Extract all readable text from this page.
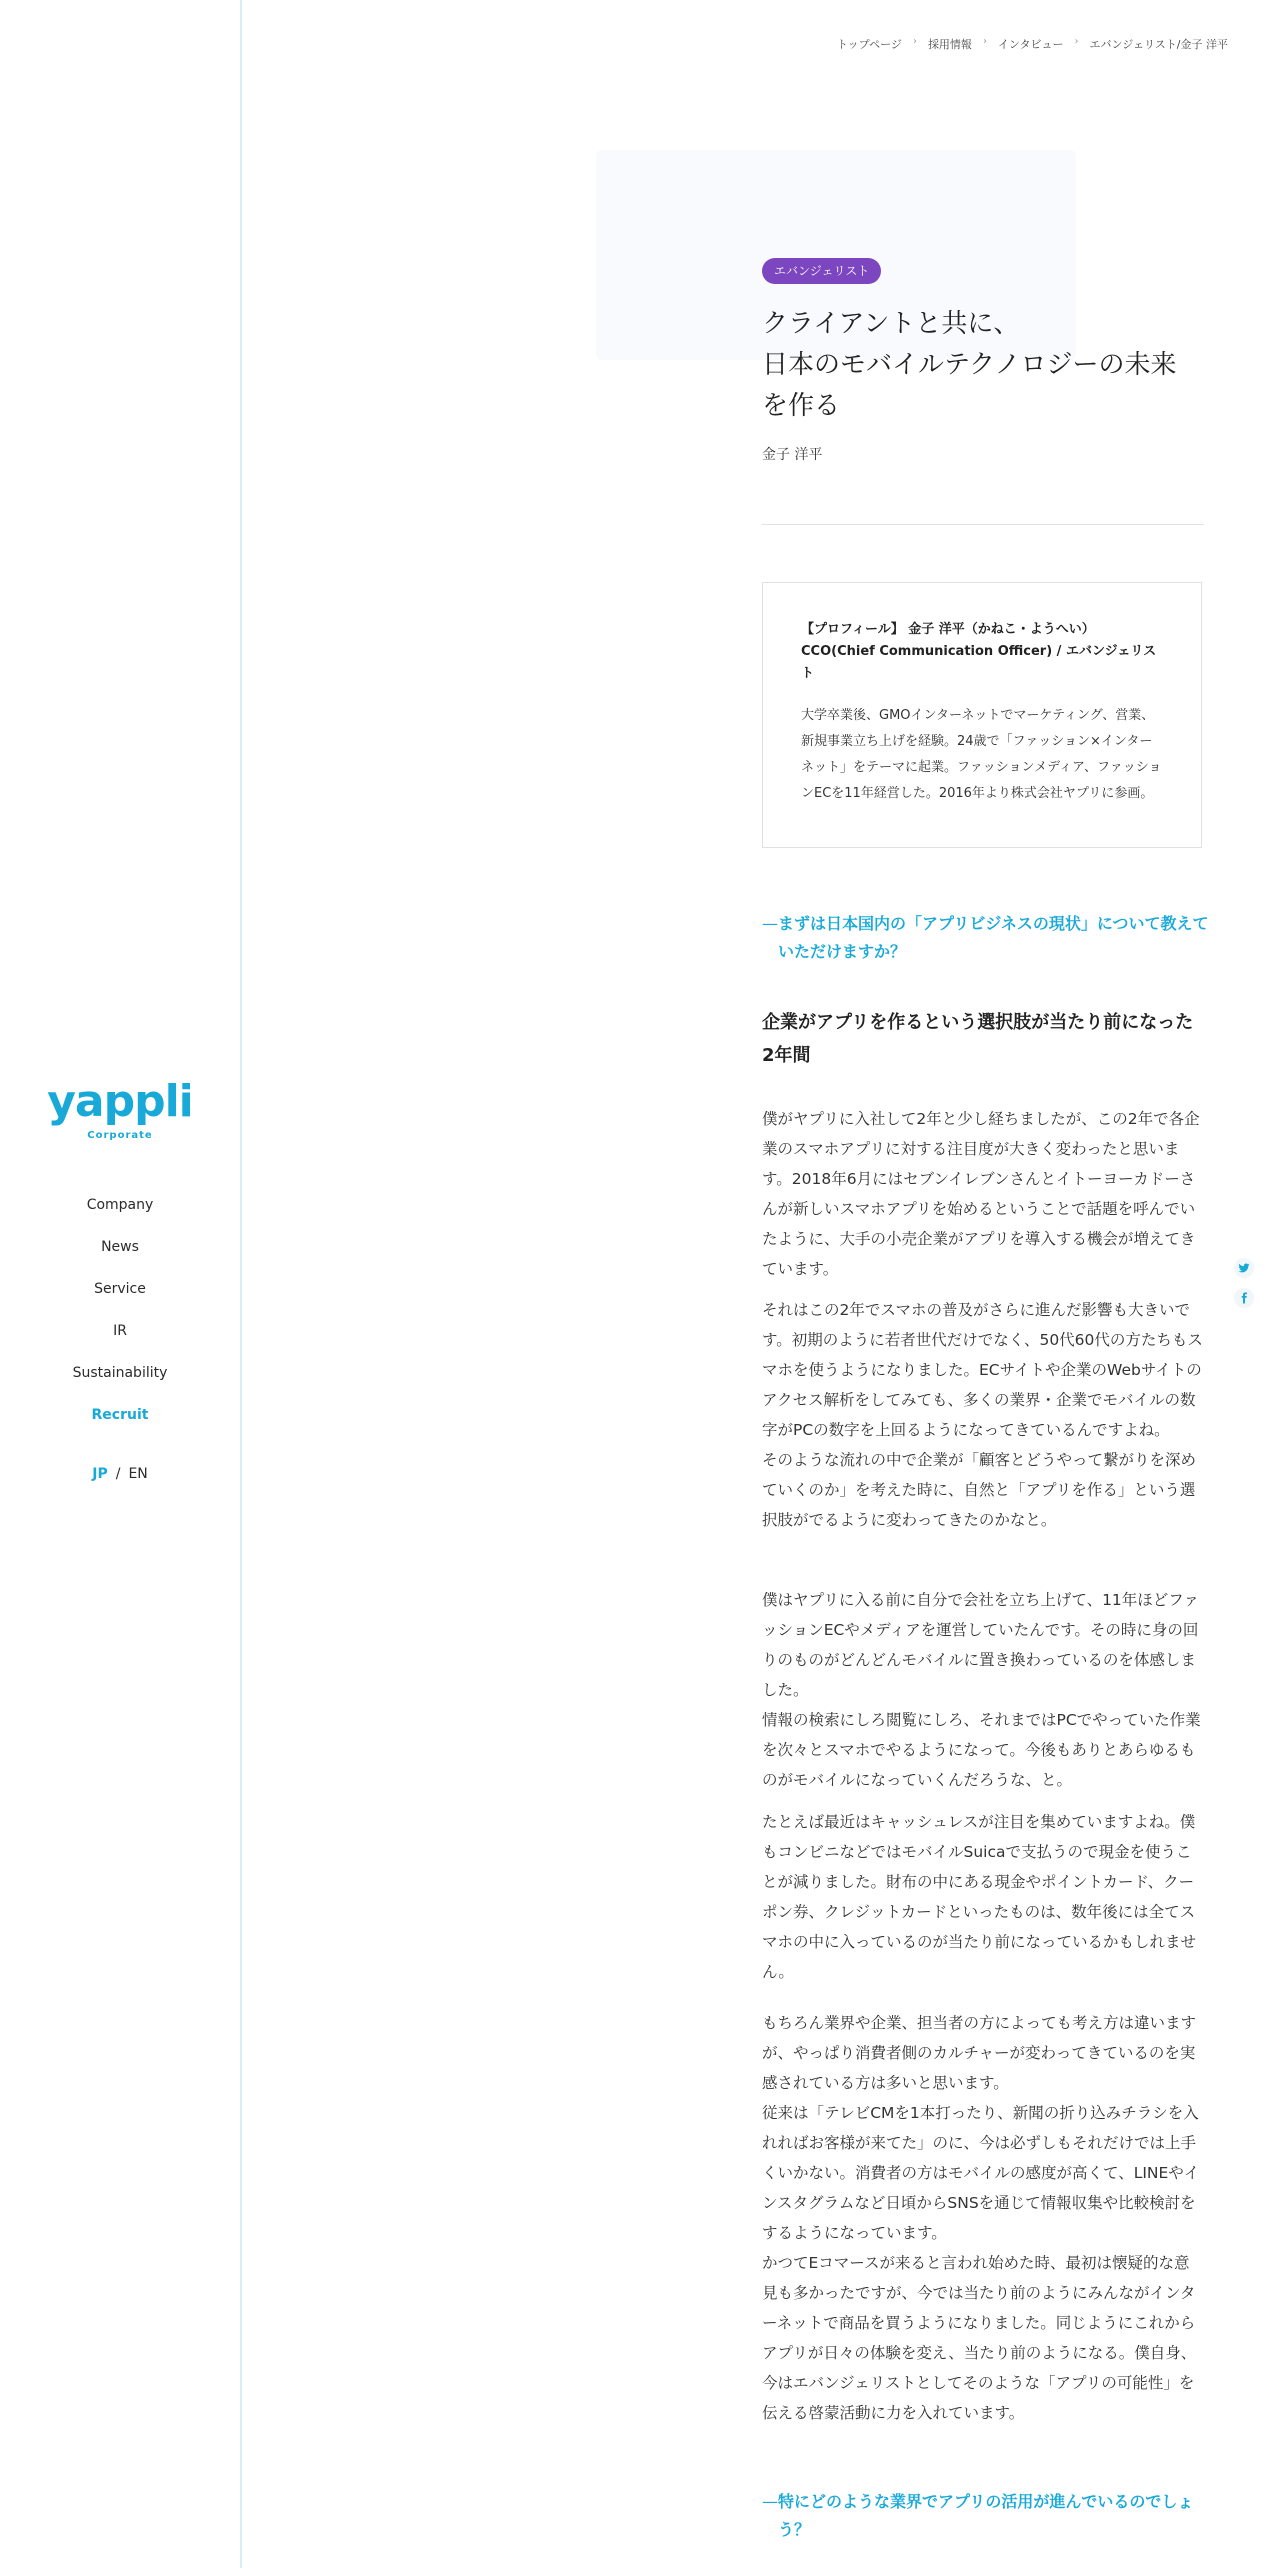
yappli
Corporate
Company
News
Service
IR
Sustainability
Recruit
JP / EN
トップページ › 採用情報 › インタビュー › エバンジェリスト/金子 洋平
エバンジェリスト
クライアントと共に、
日本のモバイルテクノロジーの未来
を作る
金子 洋平
【プロフィール】 金子 洋平（かねこ・ようへい）
CCO(Chief Communication Officer) / エバンジェリスト
大学卒業後、GMOインターネットでマーケティング、営業、新規事業立ち上げを経験。24歳で「ファッション×インターネット」をテーマに起業。ファッションメディア、ファッションECを11年経営した。2016年より株式会社ヤプリに参画。
— まずは日本国内の「アプリビジネスの現状」について教えていただけますか？
企業がアプリを作るという選択肢が当たり前になった2年間
僕がヤプリに入社して2年と少し経ちましたが、この2年で各企業のスマホアプリに対する注目度が大きく変わったと思います。2018年6月にはセブンイレブンさんとイトーヨーカドーさんが新しいスマホアプリを始めるということで話題を呼んでいたように、大手の小売企業がアプリを導入する機会が増えてきています。
それはこの2年でスマホの普及がさらに進んだ影響も大きいです。初期のように若者世代だけでなく、50代60代の方たちもスマホを使うようになりました。ECサイトや企業のWebサイトのアクセス解析をしてみても、多くの業界・企業でモバイルの数字がPCの数字を上回るようになってきているんですよね。
そのような流れの中で企業が「顧客とどうやって繋がりを深めていくのか」を考えた時に、自然と「アプリを作る」という選択肢がでるように変わってきたのかなと。
僕はヤプリに入る前に自分で会社を立ち上げて、11年ほどファッションECやメディアを運営していたんです。その時に身の回りのものがどんどんモバイルに置き換わっているのを体感しました。
情報の検索にしろ閲覧にしろ、それまではPCでやっていた作業を次々とスマホでやるようになって。今後もありとあらゆるものがモバイルになっていくんだろうな、と。
たとえば最近はキャッシュレスが注目を集めていますよね。僕もコンビニなどではモバイルSuicaで支払うので現金を使うことが減りました。財布の中にある現金やポイントカード、クーポン券、クレジットカードといったものは、数年後には全てスマホの中に入っているのが当たり前になっているかもしれません。
もちろん業界や企業、担当者の方によっても考え方は違いますが、やっぱり消費者側のカルチャーが変わってきているのを実感されている方は多いと思います。
従来は「テレビCMを1本打ったり、新聞の折り込みチラシを入れればお客様が来てた」のに、今は必ずしもそれだけでは上手くいかない。消費者の方はモバイルの感度が高くて、LINEやインスタグラムなど日頃からSNSを通じて情報収集や比較検討をするようになっています。
かつてEコマースが来ると言われ始めた時、最初は懐疑的な意見も多かったですが、今では当たり前のようにみんながインターネットで商品を買うようになりました。同じようにこれからアプリが日々の体験を変え、当たり前のようになる。僕自身、今はエバンジェリストとしてそのような「アプリの可能性」を伝える啓蒙活動に力を入れています。
— 特にどのような業界でアプリの活用が進んでいるのでしょう？
